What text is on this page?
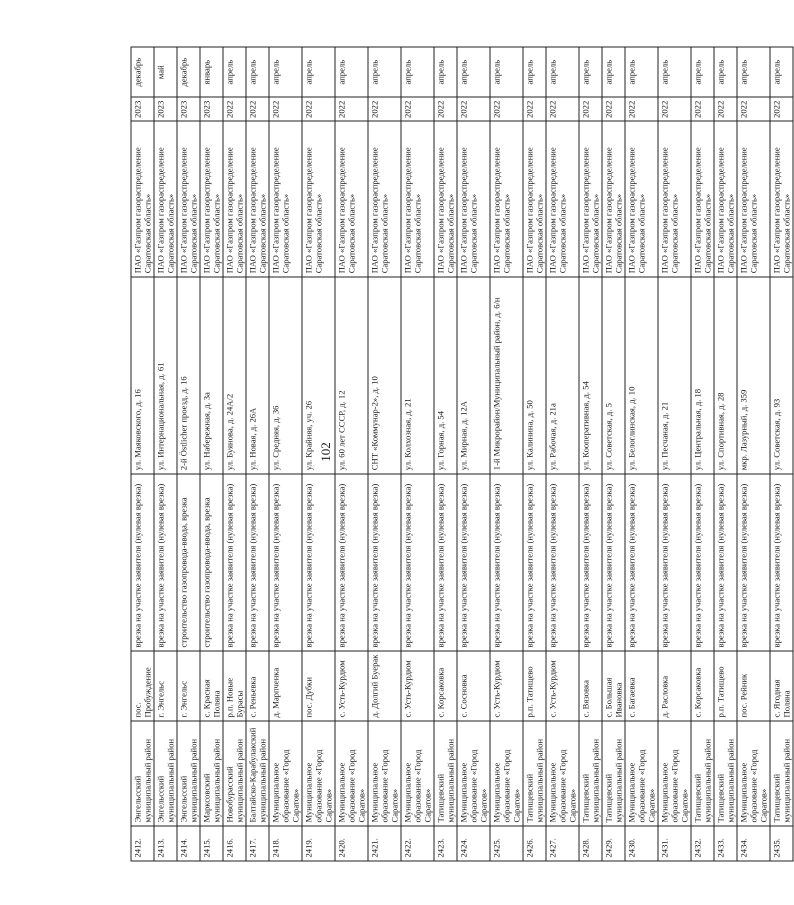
102
2412.	Энгельсский муниципальный район	пос. Пробуждение	врезка на участке заявителя (нулевая врезка)	ул. Маяковского, д. 16	ПАО «Газпром газораспределение Саратовская область»	2023	декабрь
2413.	Энгельсский муниципальный район	г. Энгельс	врезка на участке заявителя (нулевая врезка)	ул. Интернациональная, д. 61	ПАО «Газпром газораспределение Саратовская область»	2023	май
2414.	Энгельсский муниципальный район	г. Энгельс	строительство газопровода-ввода, врезка	2-й Östlicher проезд, д. 16	ПАО «Газпром газораспределение Саратовская область»	2023	декабрь
2415.	Марксовский муниципальный район	с. Красная Поляна	строительство газопровода-ввода, врезка	ул. Набережная, д. 3а	ПАО «Газпром газораспределение Саратовская область»	2023	январь
2416.	Новобурасский муниципальный район	р.п. Новые Бурасы	врезка на участке заявителя (нулевая врезка)	ул. Буянова, д. 24А/2	ПАО «Газпром газораспределение Саратовская область»	2022	апрель
2417.	Балтайско-Карабулакский муниципальный район	с. Реньевка	врезка на участке заявителя (нулевая врезка)	ул. Новая, д. 26А	ПАО «Газпром газораспределение Саратовская область»	2022	апрель
2418.	Муниципальное образование «Город Саратов»	д. Марпченка	врезка на участке заявителя (нулевая врезка)	ул. Средняя, д. 36	ПАО «Газпром газораспределение Саратовская область»	2022	апрель
2419.	Муниципальное образование «Город Саратов»	пос. Дубки	врезка на участке заявителя (нулевая врезка)	ул. Крайняя, уч. 26	ПАО «Газпром газораспределение Саратовская область»	2022	апрель
2420.	Муниципальное образование «Город Саратов»	с. Усть-Курдюм	врезка на участке заявителя (нулевая врезка)	ул. 60 лет СССР, д. 12	ПАО «Газпром газораспределение Саратовская область»	2022	апрель
2421.	Муниципальное образование «Город Саратов»	д. Долгий Буерак	врезка на участке заявителя (нулевая врезка)	СНТ «Коммунар-2», д. 10	ПАО «Газпром газораспределение Саратовская область»	2022	апрель
2422.	Муниципальное образование «Город Саратов»	с. Усть-Курдюм	врезка на участке заявителя (нулевая врезка)	ул. Колхозная, д. 21	ПАО «Газпром газораспределение Саратовская область»	2022	апрель
2423.	Татищевский муниципальный район	с. Корсаковка	врезка на участке заявителя (нулевая врезка)	ул. Горная, д. 54	ПАО «Газпром газораспределение Саратовская область»	2022	апрель
2424.	Муниципальное образование «Город Саратов»	с. Сосновка	врезка на участке заявителя (нулевая врезка)	ул. Мирная, д. 12А	ПАО «Газпром газораспределение Саратовская область»	2022	апрель
2425.	Муниципальное образование «Город Саратов»	с. Усть-Курдюм	врезка на участке заявителя (нулевая врезка)	1-й Микрорайон/Муниципальный район, д. 6/н	ПАО «Газпром газораспределение Саратовская область»	2022	апрель
2426.	Татищевский муниципальный район	р.п. Татищево	врезка на участке заявителя (нулевая врезка)	ул. Калинина, д. 50	ПАО «Газпром газораспределение Саратовская область»	2022	апрель
2427.	Муниципальное образование «Город Саратов»	с. Усть-Курдюм	врезка на участке заявителя (нулевая врезка)	ул. Рабочая, д. 21а	ПАО «Газпром газораспределение Саратовская область»	2022	апрель
2428.	Татищевский муниципальный район	с. Вязовка	врезка на участке заявителя (нулевая врезка)	ул. Кооперативная, д. 54	ПАО «Газпром газораспределение Саратовская область»	2022	апрель
2429.	Татищевский муниципальный район	с. Большая Ивановка	врезка на участке заявителя (нулевая врезка)	ул. Советская, д. 5	ПАО «Газпром газораспределение Саратовская область»	2022	апрель
2430.	Муниципальное образование «Город Саратов»	с. Багаевка	врезка на участке заявителя (нулевая врезка)	ул. Белоглинская, д. 10	ПАО «Газпром газораспределение Саратовская область»	2022	апрель
2431.	Муниципальное образование «Город Саратов»	д. Расловка	врезка на участке заявителя (нулевая врезка)	ул. Песчаная, д. 21	ПАО «Газпром газораспределение Саратовская область»	2022	апрель
2432.	Татищевский муниципальный район	с. Корсаковка	врезка на участке заявителя (нулевая врезка)	ул. Центральная, д. 18	ПАО «Газпром газораспределение Саратовская область»	2022	апрель
2433.	Татищевский муниципальный район	р.п. Татищево	врезка на участке заявителя (нулевая врезка)	ул. Спортивная, д. 28	ПАО «Газпром газораспределение Саратовская область»	2022	апрель
2434.	Муниципальное образование «Город Саратов»	пос. Рейник	врезка на участке заявителя (нулевая врезка)	мкр. Лазурный, д. 359	ПАО «Газпром газораспределение Саратовская область»	2022	апрель
2435.	Татищевский муниципальный район	с. Ягодная Поляна	врезка на участке заявителя (нулевая врезка)	ул. Советская, д. 93	ПАО «Газпром газораспределение Саратовская область»	2022	апрель
